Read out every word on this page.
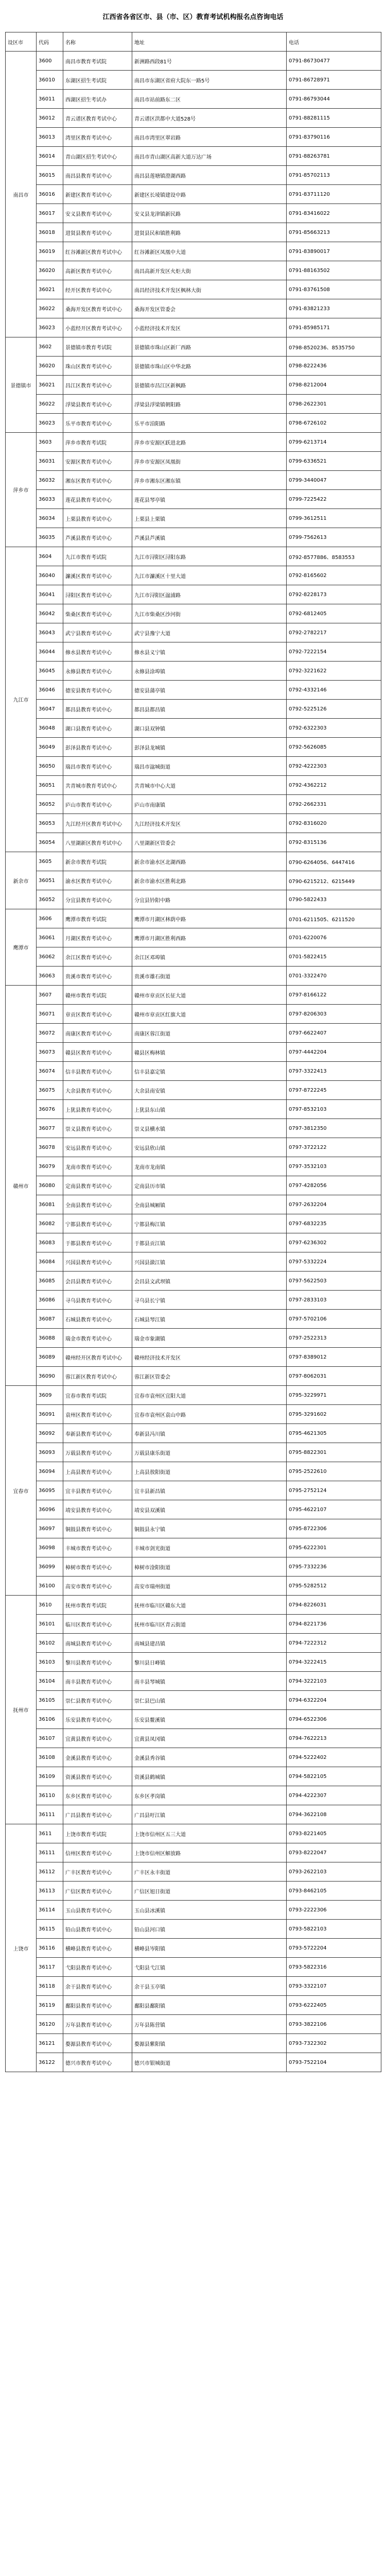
江西省各省区市、县（市、区）教育考试机构报名点咨询电话
设区市	代码	名称	地址	电话
南昌市	3600	南昌市教育考试院	新洲路西段81号	0791-86730477
	36010	东湖区招生考试院	南昌市东湖区省府大院东一路5号	0791-86728971
	36011	西湖区招生考试办	南昌市站前路东二区	0791-86793044
	36012	青云谱区教育考试中心	青云谱区洪都中大道528号	0791-88281115
	36013	湾里区教育考试中心	南昌市湾里区翠岩路	0791-83790116
	36014	青山湖区招生考试中心	南昌市青山湖区高新大道万达广场	0791-88263781
	36015	南昌县教育考试中心	南昌县莲塘镇澄湖西路	0791-85702113
	36016	新建区教育考试中心	新建区长堎镇建设中路	0791-83711120
	36017	安义县教育考试中心	安义县龙津镇新民路	0791-83416022
	36018	进贤县教育考试中心	进贤县民和镇胜利路	0791-85663213
	36019	红谷滩新区教育考试中心	红谷滩新区凤凰中大道	0791-83890017
	36020	高新区教育考试中心	南昌高新开发区火炬大街	0791-88163502
	36021	经开区教育考试中心	南昌经济技术开发区枫林大街	0791-83761508
	36022	桑海开发区教育考试中心	桑海开发区管委会	0791-83821233
	36023	小蓝经开区教育考试中心	小蓝经济技术开发区	0791-85985171
景德镇市	3602	景德镇市教育考试院	景德镇市珠山区新厂西路	0798-8520236、8535750
	36020	珠山区教育考试中心	景德镇市珠山区中华北路	0798-8222436
	36021	昌江区教育考试中心	景德镇市昌江区新枫路	0798-8212004
	36022	浮梁县教育考试中心	浮梁县浮梁镇朝阳路	0798-2622301
	36023	乐平市教育考试中心	乐平市洎阳路	0798-6726102
萍乡市	3603	萍乡市教育考试院	萍乡市安源区跃进北路	0799-6213714
	36031	安源区教育考试中心	萍乡市安源区凤凰街	0799-6336521
	36032	湘东区教育考试中心	萍乡市湘东区湘东镇	0799-3440047
	36033	莲花县教育考试中心	莲花县琴亭镇	0799-7225422
	36034	上栗县教育考试中心	上栗县上栗镇	0799-3612511
	36035	芦溪县教育考试中心	芦溪县芦溪镇	0799-7562613
九江市	3604	九江市教育考试院	九江市浔阳区浔阳东路	0792-8577886、8583553
	36040	濂溪区教育考试中心	九江市濂溪区十里大道	0792-8165602
	36041	浔阳区教育考试中心	九江市浔阳区湓浦路	0792-8228173
	36042	柴桑区教育考试中心	九江市柴桑区沙河街	0792-6812405
	36043	武宁县教育考试中心	武宁县豫宁大道	0792-2782217
	36044	修水县教育考试中心	修水县义宁镇	0792-7222154
	36045	永修县教育考试中心	永修县涂埠镇	0792-3221622
	36046	德安县教育考试中心	德安县蒲亭镇	0792-4332146
	36047	都昌县教育考试中心	都昌县都昌镇	0792-5225126
	36048	湖口县教育考试中心	湖口县双钟镇	0792-6322303
	36049	彭泽县教育考试中心	彭泽县龙城镇	0792-5626085
	36050	瑞昌市教育考试中心	瑞昌市湓城街道	0792-4222303
	36051	共青城市教育考试中心	共青城市中心大道	0792-4362212
	36052	庐山市教育考试中心	庐山市南康镇	0792-2662331
	36053	九江经开区教育考试中心	九江经济技术开发区	0792-8316020
	36054	八里湖新区教育考试中心	八里湖新区管委会	0792-8315136
新余市	3605	新余市教育考试院	新余市渝水区北湖西路	0790-6264056、6447416
	36051	渝水区教育考试中心	新余市渝水区胜利北路	0790-6215212、6215449
	36052	分宜县教育考试中心	分宜县钤阳中路	0790-5822433
鹰潭市	3606	鹰潭市教育考试院	鹰潭市月湖区林荫中路	0701-6211505、6211520
	36061	月湖区教育考试中心	鹰潭市月湖区胜利西路	0701-6220076
	36062	余江区教育考试中心	余江区邓埠镇	0701-5822415
	36063	贵溪市教育考试中心	贵溪市雄石街道	0701-3322470
赣州市	3607	赣州市教育考试院	赣州市章贡区长征大道	0797-8166122
	36071	章贡区教育考试中心	赣州市章贡区红旗大道	0797-8206303
	36072	南康区教育考试中心	南康区蓉江街道	0797-6622407
	36073	赣县区教育考试中心	赣县区梅林镇	0797-4442204
	36074	信丰县教育考试中心	信丰县嘉定镇	0797-3322413
	36075	大余县教育考试中心	大余县南安镇	0797-8722245
	36076	上犹县教育考试中心	上犹县东山镇	0797-8532103
	36077	崇义县教育考试中心	崇义县横水镇	0797-3812350
	36078	安远县教育考试中心	安远县欣山镇	0797-3722122
	36079	龙南市教育考试中心	龙南市龙南镇	0797-3532103
	36080	定南县教育考试中心	定南县历市镇	0797-4282056
	36081	全南县教育考试中心	全南县城厢镇	0797-2632204
	36082	宁都县教育考试中心	宁都县梅江镇	0797-6832235
	36083	于都县教育考试中心	于都县贡江镇	0797-6236302
	36084	兴国县教育考试中心	兴国县潋江镇	0797-5332224
	36085	会昌县教育考试中心	会昌县文武坝镇	0797-5622503
	36086	寻乌县教育考试中心	寻乌县长宁镇	0797-2833103
	36087	石城县教育考试中心	石城县琴江镇	0797-5702106
	36088	瑞金市教育考试中心	瑞金市象湖镇	0797-2522313
	36089	赣州经开区教育考试中心	赣州经济技术开发区	0797-8389012
	36090	蓉江新区教育考试中心	蓉江新区管委会	0797-8062031
宜春市	3609	宜春市教育考试院	宜春市袁州区宜阳大道	0795-3229971
	36091	袁州区教育考试中心	宜春市袁州区袁山中路	0795-3291602
	36092	奉新县教育考试中心	奉新县冯川镇	0795-4621305
	36093	万载县教育考试中心	万载县康乐街道	0795-8822301
	36094	上高县教育考试中心	上高县敖阳街道	0795-2522610
	36095	宜丰县教育考试中心	宜丰县新昌镇	0795-2752124
	36096	靖安县教育考试中心	靖安县双溪镇	0795-4622107
	36097	铜鼓县教育考试中心	铜鼓县永宁镇	0795-8722306
	36098	丰城市教育考试中心	丰城市剑光街道	0795-6222301
	36099	樟树市教育考试中心	樟树市淦阳街道	0795-7332236
	36100	高安市教育考试中心	高安市瑞州街道	0795-5282512
抚州市	3610	抚州市教育考试院	抚州市临川区赣东大道	0794-8226031
	36101	临川区教育考试中心	抚州市临川区青云街道	0794-8221736
	36102	南城县教育考试中心	南城县建昌镇	0794-7222312
	36103	黎川县教育考试中心	黎川县日峰镇	0794-3222415
	36104	南丰县教育考试中心	南丰县琴城镇	0794-3222103
	36105	崇仁县教育考试中心	崇仁县巴山镇	0794-6322204
	36106	乐安县教育考试中心	乐安县鳌溪镇	0794-6522306
	36107	宜黄县教育考试中心	宜黄县凤冈镇	0794-7622213
	36108	金溪县教育考试中心	金溪县秀谷镇	0794-5222402
	36109	资溪县教育考试中心	资溪县鹤城镇	0794-5822105
	36110	东乡区教育考试中心	东乡区孝岗镇	0794-4222307
	36111	广昌县教育考试中心	广昌县旴江镇	0794-3622108
上饶市	3611	上饶市教育考试院	上饶市信州区五三大道	0793-8221405
	36111	信州区教育考试中心	上饶市信州区解放路	0793-8222047
	36112	广丰区教育考试中心	广丰区永丰街道	0793-2622103
	36113	广信区教育考试中心	广信区旭日街道	0793-8462105
	36114	玉山县教育考试中心	玉山县冰溪镇	0793-2222306
	36115	铅山县教育考试中心	铅山县河口镇	0793-5822103
	36116	横峰县教育考试中心	横峰县岑阳镇	0793-5722204
	36117	弋阳县教育考试中心	弋阳县弋江镇	0793-5822316
	36118	余干县教育考试中心	余干县玉亭镇	0793-3322107
	36119	鄱阳县教育考试中心	鄱阳县鄱阳镇	0793-6222405
	36120	万年县教育考试中心	万年县陈营镇	0793-3822106
	36121	婺源县教育考试中心	婺源县紫阳镇	0793-7322302
	36122	德兴市教育考试中心	德兴市银城街道	0793-7522104
